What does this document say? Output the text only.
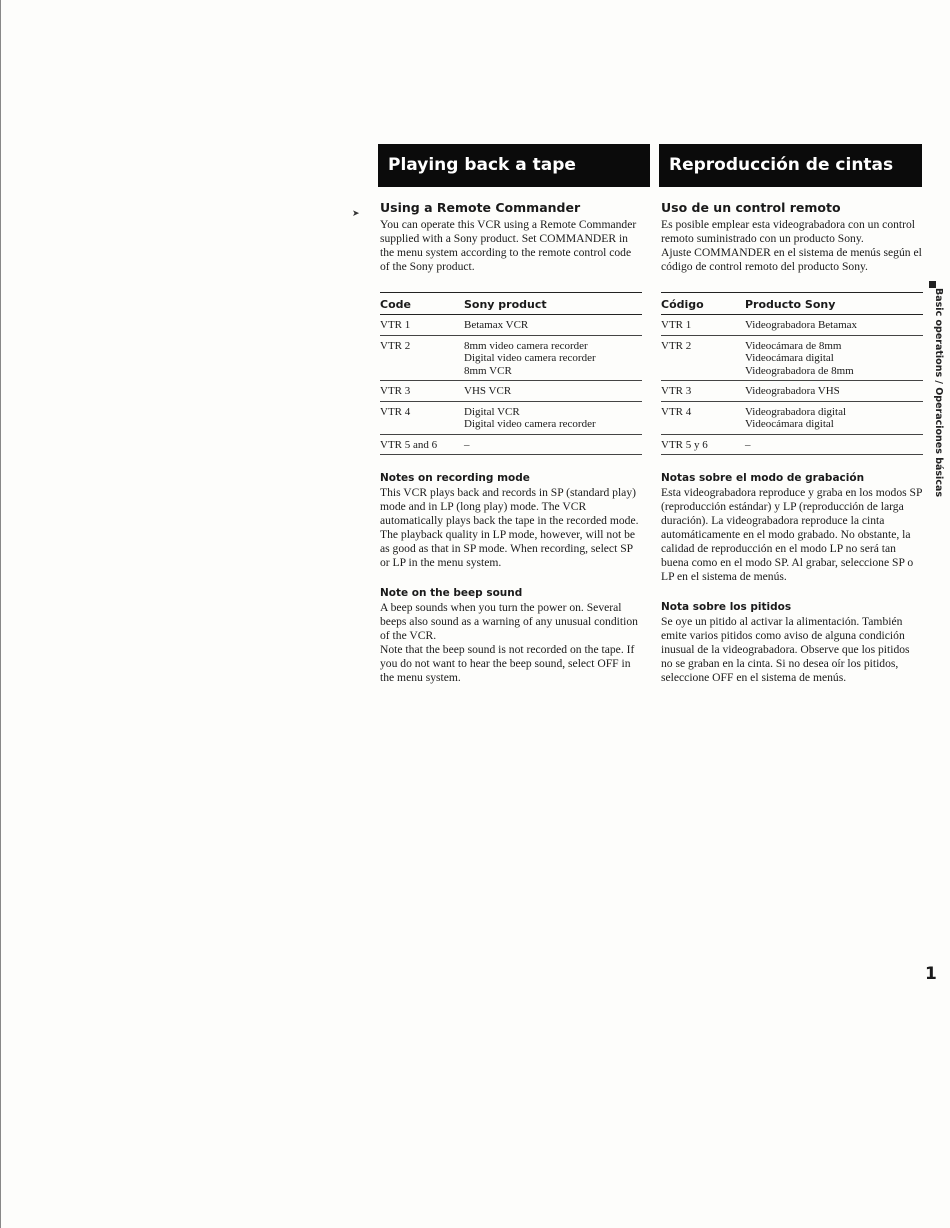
Playing back a tape	Reproducción de cintas
➤ Using a Remote Commander

You can operate this VCR using a Remote Commander supplied with a Sony product. Set COMMANDER in the menu system according to the remote control code of the Sony product.

Code	Sony product
VTR 1	Betamax VCR

VTR 2	8mm video camera recorder
Digital video camera recorder
8mm VCR

VTR 3	VHS VCR

VTR 4	Digital VCR
Digital video camera recorder

VTR 5 and 6	–
Notes on recording mode

This VCR plays back and records in SP (standard play) mode and in LP (long play) mode. The VCR automatically plays back the tape in the recorded mode. The playback quality in LP mode, however, will not be as good as that in SP mode. When recording, select SP or LP in the menu system.

Note on the beep sound

A beep sounds when you turn the power on. Several beeps also sound as a warning of any unusual condition of the VCR.

Note that the beep sound is not recorded on the tape. If you do not want to hear the beep sound, select OFF in the menu system.

Uso de un control remoto

Es posible emplear esta videograbadora con un control remoto suministrado con un producto Sony.

Ajuste COMMANDER en el sistema de menús según el código de control remoto del producto Sony.

Código	Producto Sony
VTR 1	Videograbadora Betamax

VTR 2	Videocámara de 8mm
Videocámara digital
Videograbadora de 8mm

VTR 3	Videograbadora VHS

VTR 4	Videograbadora digital
Videocámara digital

VTR 5 y 6	–
Notas sobre el modo de grabación

Esta videograbadora reproduce y graba en los modos SP (reproducción estándar) y LP (reproducción de larga duración). La videograbadora reproduce la cinta automáticamente en el modo grabado. No obstante, la calidad de reproducción en el modo LP no será tan buena como en el modo SP. Al grabar, seleccione SP o LP en el sistema de menús.

Nota sobre los pitidos

Se oye un pitido al activar la alimentación. También emite varios pitidos como aviso de alguna condición inusual de la videograbadora. Observe que los pitidos no se graban en la cinta. Si no desea oír los pitidos, seleccione OFF en el sistema de menús.

Basic operations / Operaciones básicas
1
